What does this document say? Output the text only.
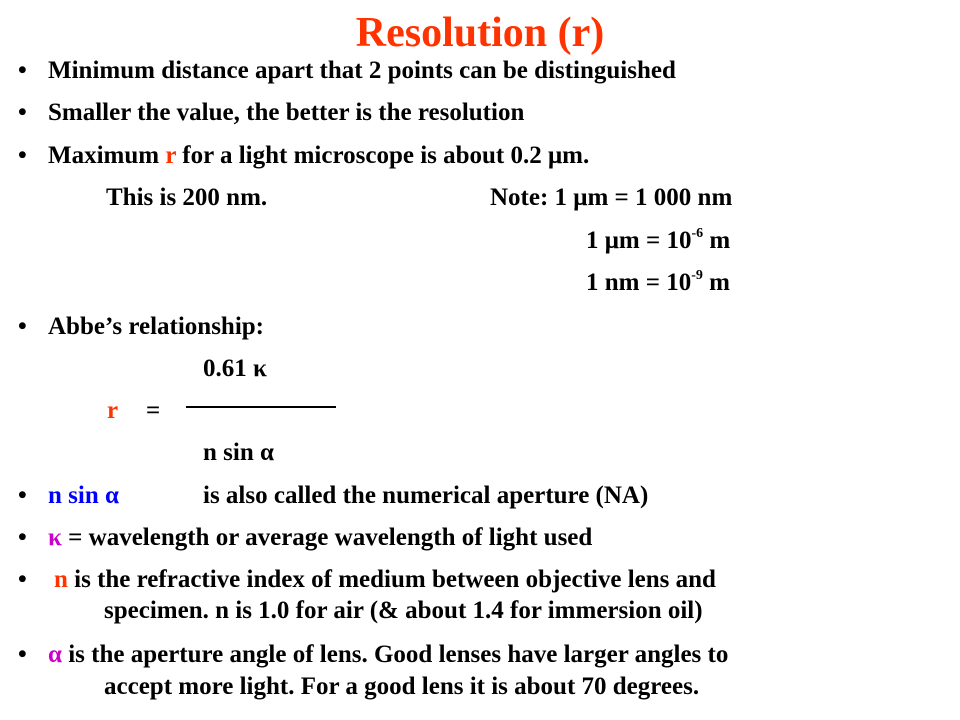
Resolution (r)
• Minimum distance apart that 2 points can be distinguished
• Smaller the value, the better is the resolution
• Maximum r for a light microscope is about 0.2 μm.
This is 200 nm.	Note: 1 μm = 1 000 nm
1 $\mu m = 10^{-6}$ m
1 nm = $10^{-9}$ m
• Abbe’s relationship:
0.61 κ
r =
n sin α
• n sin α	is also called the numerical aperture (NA)
• κ = wavelength or average wavelength of light used
• n is the refractive index of medium between objective lens and
specimen. n is 1.0 for air (& about 1.4 for immersion oil)
• α is the aperture angle of lens. Good lenses have larger angles to
accept more light. For a good lens it is about 70 degrees.
